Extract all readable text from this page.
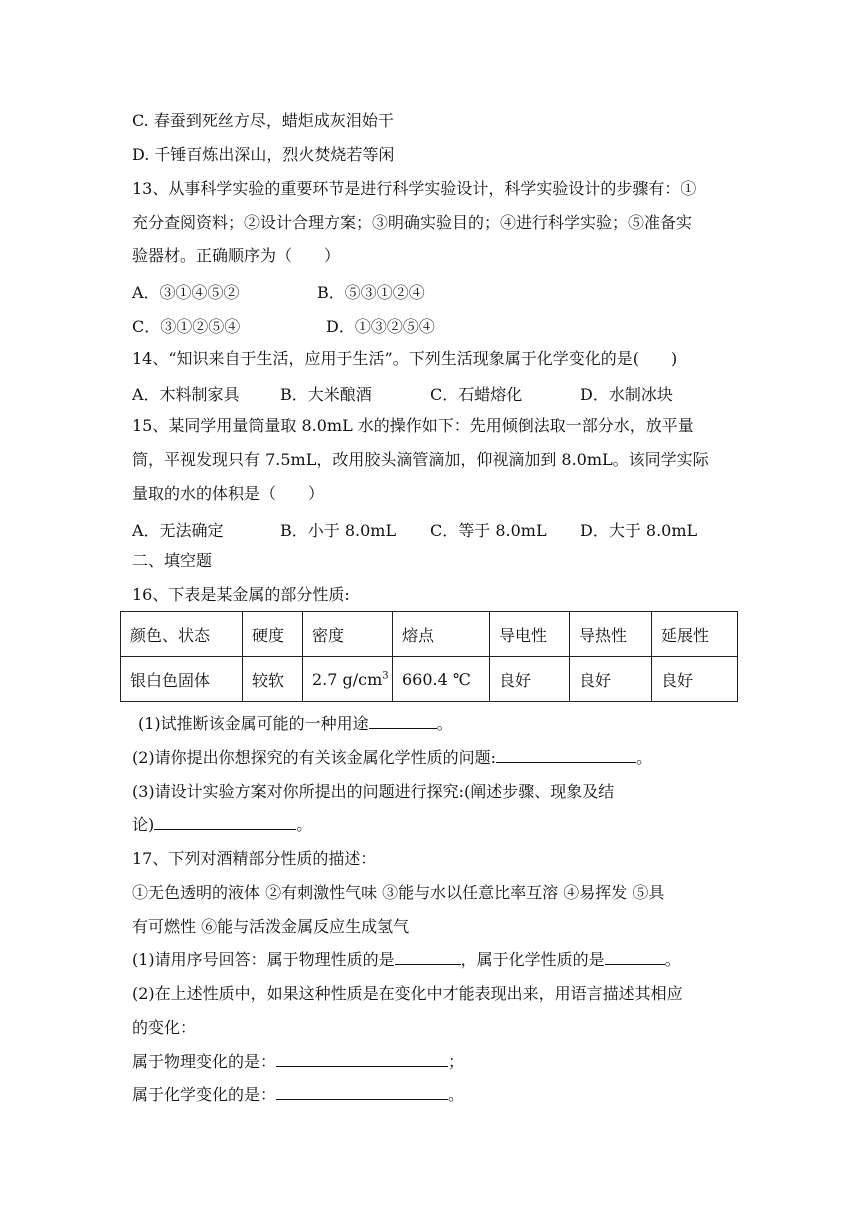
C. 春蚕到死丝方尽，蜡炬成灰泪始干
D. 千锤百炼出深山，烈火焚烧若等闲
13、从事科学实验的重要环节是进行科学实验设计，科学实验设计的步骤有：①
充分查阅资料；②设计合理方案；③明确实验目的；④进行科学实验；⑤准备实
验器材。正确顺序为（　　）
A．③①④⑤②	B．⑤③①②④
C．③①②⑤④	D．①③②⑤④
14、“知识来自于生活，应用于生活”。下列生活现象属于化学变化的是(　　)
A．木料制家具	B．大米酿酒	C．石蜡熔化	D．水制冰块
15、某同学用量筒量取 8.0mL 水的操作如下：先用倾倒法取一部分水，放平量
筒，平视发现只有 7.5mL，改用胶头滴管滴加，仰视滴加到 8.0mL。该同学实际
量取的水的体积是（　　）
A．无法确定	B．小于 8.0mL C．等于 8.0mL D．大于 8.0mL
二、填空题
16、下表是某金属的部分性质:
颜色、状态	硬度	密度	熔点	导电性	导热性	延展性
银白色固体	较软	2.7 $g/cm^3$	660.4 ℃	良好	良好	良好
(1)试推断该金属可能的一种用途	。
(2)请你提出你想探究的有关该金属化学性质的问题:	。
(3)请设计实验方案对你所提出的问题进行探究:(阐述步骤、现象及结
论)	。
17、下列对酒精部分性质的描述：
①无色透明的液体 ②有刺激性气味 ③能与水以任意比率互溶 ④易挥发 ⑤具
有可燃性 ⑥能与活泼金属反应生成氢气
(1)请用序号回答：属于物理性质的是	，属于化学性质的是	。
(2)在上述性质中，如果这种性质是在变化中才能表现出来，用语言描述其相应
的变化：
属于物理变化的是：	；
属于化学变化的是：	。
